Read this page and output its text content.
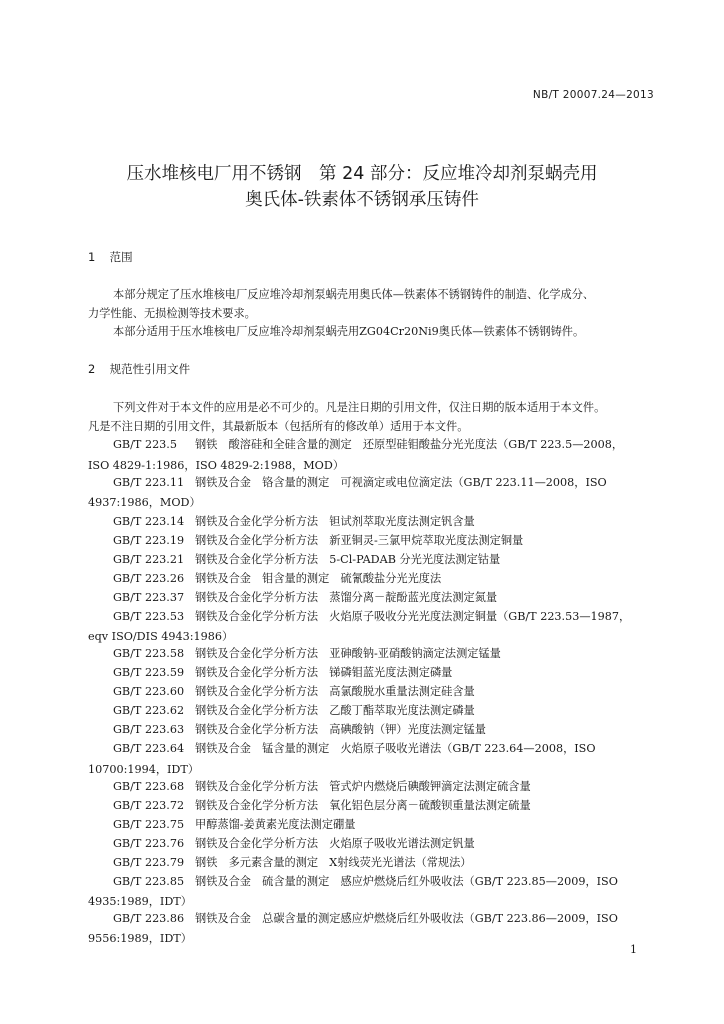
NB/T 20007.24—2013
压水堆核电厂用不锈钢　第 24 部分：反应堆冷却剂泵蜗壳用
奥氏体-铁素体不锈钢承压铸件
1 范围
本部分规定了压水堆核电厂反应堆冷却剂泵蜗壳用奥氏体—铁素体不锈钢铸件的制造、化学成分、
力学性能、无损检测等技术要求。
本部分适用于压水堆核电厂反应堆冷却剂泵蜗壳用ZG04Cr20Ni9奥氏体—铁素体不锈钢铸件。
2 规范性引用文件
下列文件对于本文件的应用是必不可少的。凡是注日期的引用文件，仅注日期的版本适用于本文件。
凡是不注日期的引用文件，其最新版本（包括所有的修改单）适用于本文件。
GB/T 223.5 钢铁　酸溶硅和全硅含量的测定　还原型硅钼酸盐分光光度法（GB/T 223.5—2008，
ISO 4829-1:1986，ISO 4829-2:1988，MOD）
GB/T 223.11 钢铁及合金　铬含量的测定　可视滴定或电位滴定法（GB/T 223.11—2008，ISO
4937:1986，MOD）
GB/T 223.14 钢铁及合金化学分析方法　钽试剂萃取光度法测定钒含量
GB/T 223.19 钢铁及合金化学分析方法　新亚铜灵-三氯甲烷萃取光度法测定铜量
GB/T 223.21 钢铁及合金化学分析方法　5-Cl-PADAB 分光光度法测定钴量
GB/T 223.26 钢铁及合金　钼含量的测定　硫氰酸盐分光光度法
GB/T 223.37 钢铁及合金化学分析方法　蒸馏分离－靛酚蓝光度法测定氮量
GB/T 223.53 钢铁及合金化学分析方法　火焰原子吸收分光光度法测定铜量（GB/T 223.53—1987，
eqv ISO/DIS 4943:1986）
GB/T 223.58 钢铁及合金化学分析方法　亚砷酸钠-亚硝酸钠滴定法测定锰量
GB/T 223.59 钢铁及合金化学分析方法　锑磷钼蓝光度法测定磷量
GB/T 223.60 钢铁及合金化学分析方法　高氯酸脱水重量法测定硅含量
GB/T 223.62 钢铁及合金化学分析方法　乙酸丁酯萃取光度法测定磷量
GB/T 223.63 钢铁及合金化学分析方法　高碘酸钠（钾）光度法测定锰量
GB/T 223.64 钢铁及合金　锰含量的测定　火焰原子吸收光谱法（GB/T 223.64—2008，ISO
10700:1994，IDT）
GB/T 223.68 钢铁及合金化学分析方法　管式炉内燃烧后碘酸钾滴定法测定硫含量
GB/T 223.72 钢铁及合金化学分析方法　氧化铝色层分离－硫酸钡重量法测定硫量
GB/T 223.75 甲醇蒸馏-姜黄素光度法测定硼量
GB/T 223.76 钢铁及合金化学分析方法　火焰原子吸收光谱法测定钒量
GB/T 223.79 钢铁　多元素含量的测定　X射线荧光光谱法（常规法）
GB/T 223.85 钢铁及合金　硫含量的测定　感应炉燃烧后红外吸收法（GB/T 223.85—2009，ISO
4935:1989，IDT）
GB/T 223.86 钢铁及合金　总碳含量的测定感应炉燃烧后红外吸收法（GB/T 223.86—2009，ISO
9556:1989，IDT）
1
